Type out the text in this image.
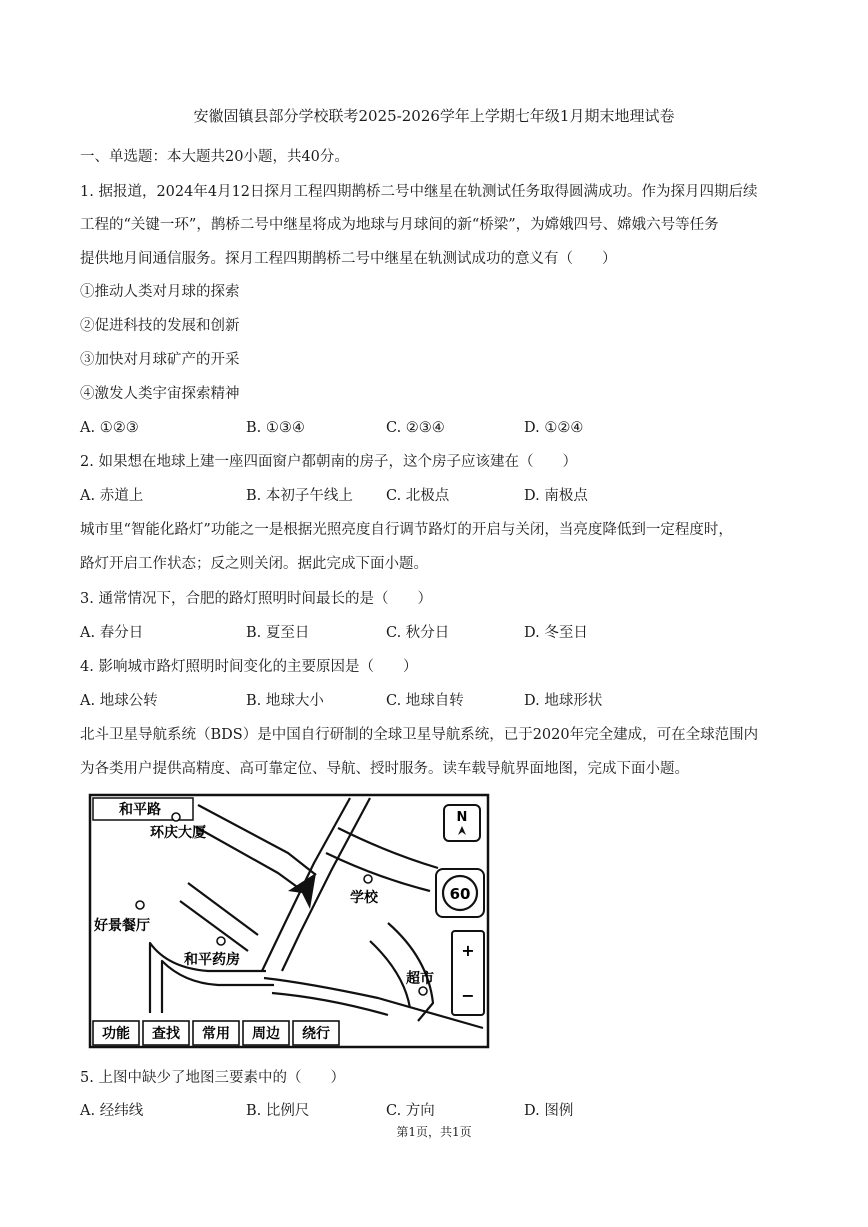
安徽固镇县部分学校联考2025-2026学年上学期七年级1月期末地理试卷
一、单选题：本大题共20小题，共40分。
1. 据报道，2024年4月12日探月工程四期鹊桥二号中继星在轨测试任务取得圆满成功。作为探月四期后续
工程的“关键一环”，鹊桥二号中继星将成为地球与月球间的新“桥梁”，为嫦娥四号、嫦娥六号等任务
提供地月间通信服务。探月工程四期鹊桥二号中继星在轨测试成功的意义有（　　）
①推动人类对月球的探索
②促进科技的发展和创新
③加快对月球矿产的开采
④激发人类宇宙探索精神
A. ①②③	B. ①③④	C. ②③④	D. ①②④
2. 如果想在地球上建一座四面窗户都朝南的房子，这个房子应该建在（　　）
A. 赤道上	B. 本初子午线上 C. 北极点	D. 南极点
城市里“智能化路灯”功能之一是根据光照亮度自行调节路灯的开启与关闭，当亮度降低到一定程度时，
路灯开启工作状态；反之则关闭。据此完成下面小题。
3. 通常情况下，合肥的路灯照明时间最长的是（　　）
A. 春分日	B. 夏至日	C. 秋分日	D. 冬至日
4. 影响城市路灯照明时间变化的主要原因是（　　）
A. 地球公转	B. 地球大小	C. 地球自转	D. 地球形状
北斗卫星导航系统（BDS）是中国自行研制的全球卫星导航系统，已于2020年完全建成，可在全球范围内
为各类用户提供高精度、高可靠定位、导航、授时服务。读车载导航界面地图，完成下面小题。
和平路
环庆大厦
好景餐厅
和平药房
学校
超市
N
60
+
−
功能 查找 常用 周边 绕行
5. 上图中缺少了地图三要素中的（　　）
A. 经纬线	B. 比例尺	C. 方向	D. 图例
第1页，共1页
